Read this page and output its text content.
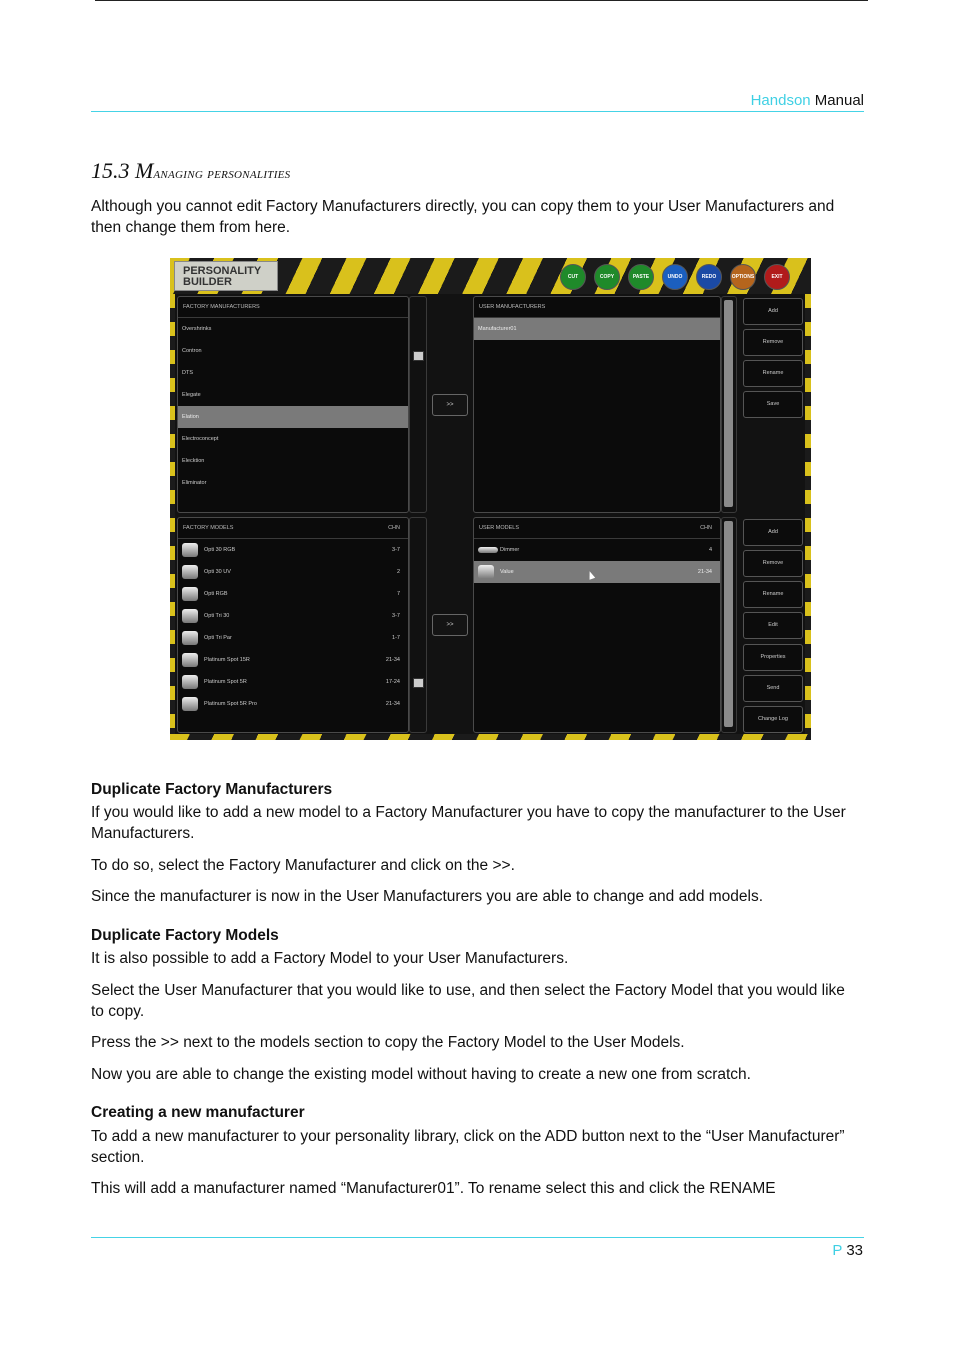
Handson Manual
15.3 Managing personalities

Although you cannot edit Factory Manufacturers directly, you can copy them to your User Manufacturers and then change them from here.

PERSONALITY
BUILDER	CUT	COPY	PASTE	UNDO	REDO	OPTIONS	EXIT
FACTORY MANUFACTURERS
Overshrinks
Contron
DTS
Elegate
Elation
Electroconcept
Elecktion
Eliminator
>>
USER MANUFACTURERS
Manufacturer01
Add
Remove
Rename
Save
FACTORY MODELS	CHN
Opti 30 RGB	3-7
Opti 30 UV	2
Opti RGB	7
Opti Tri 30	3-7
Opti Tri Par	1-7
Platinum Spot 15R	21-34
Platinum Spot 5R	17-24
Platinum Spot 5R Pro	21-34
>>
USER MODELS	CHN
Dimmer	4
Value	21-34
Add
Remove
Rename
Edit
Properties
Send
Change Log

Duplicate Factory Manufacturers

If you would like to add a new model to a Factory Manufacturer you have to copy the manufacturer to the User Manufacturers.

To do so, select the Factory Manufacturer and click on the >>.

Since the manufacturer is now in the User Manufacturers you are able to change and add models.

Duplicate Factory Models

It is also possible to add a Factory Model to your User Manufacturers.

Select the User Manufacturer that you would like to use, and then select the Factory Model that you would like to copy.

Press the >> next to the models section to copy the Factory Model to the User Models.

Now you are able to change the existing model without having to create a new one from scratch.

Creating a new manufacturer

To add a new manufacturer to your personality library, click on the ADD button next to the “User Manufacturer” section.

This will add a manufacturer named “Manufacturer01”. To rename select this and click the RENAME

P 33
